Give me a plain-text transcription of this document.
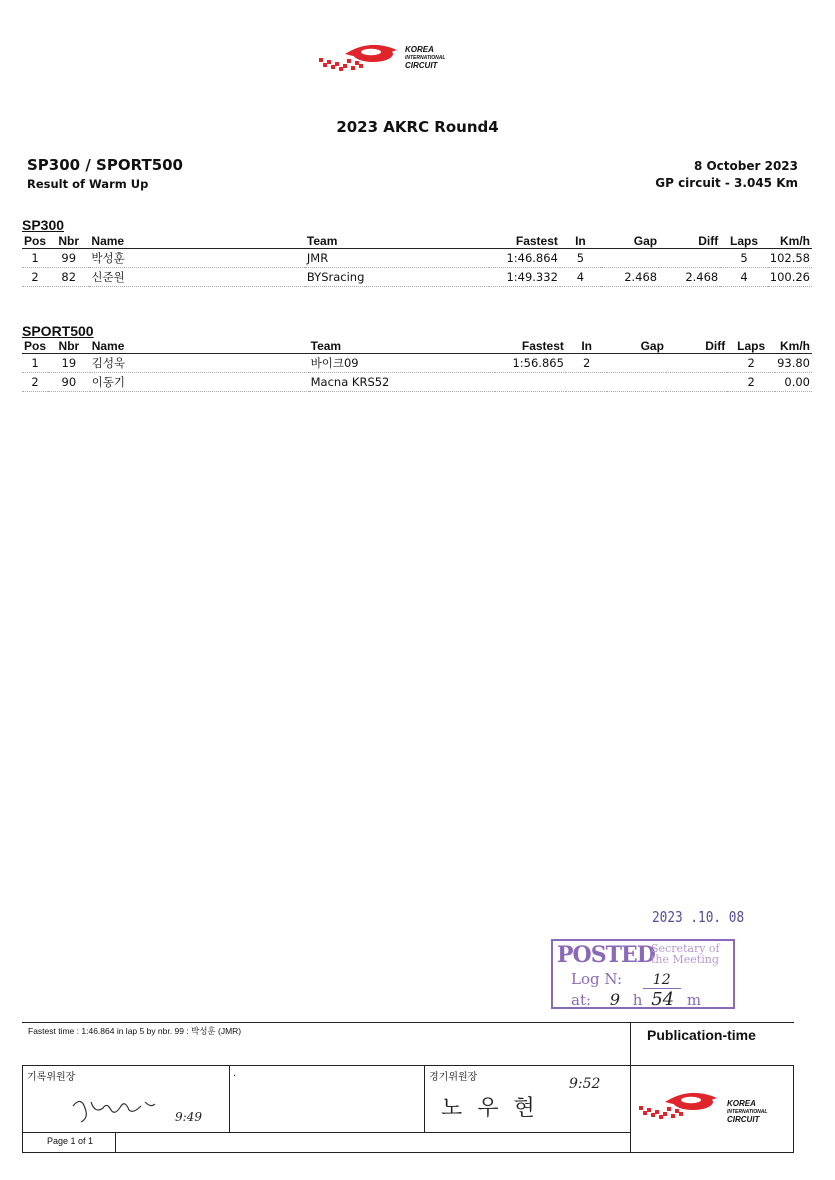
KOREA
INTERNATIONAL
CIRCUIT
2023 AKRC Round4
SP300 / SPORT500
Result of Warm Up
8 October 2023
GP circuit - 3.045 Km
SP300
Pos	Nbr	Name	Team	Fastest	In	Gap	Diff	Laps	Km/h
1	99	박성훈	JMR	1:46.864	5			5	102.58
2	82	신준원	BYSracing	1:49.332	4	2.468	2.468	4	100.26
SPORT500
Pos	Nbr	Name	Team	Fastest	In	Gap	Diff	Laps	Km/h
1	19	김성욱	바이크09	1:56.865	2			2	93.80
2	90	이동기	Macna KRS52					2	0.00
2023 .10. 08
POSTED
Secretary of the Meeting
Log N: 12
at: 9 h 54 m
Fastest time : 1:46.864 in lap 5 by nbr. 99 : 박성훈 (JMR)	Publication-time
기록위원장	.	경기위원장
9:49	노 우 현
9:52
Page 1 of 1
KOREA
INTERNATIONAL
CIRCUIT
